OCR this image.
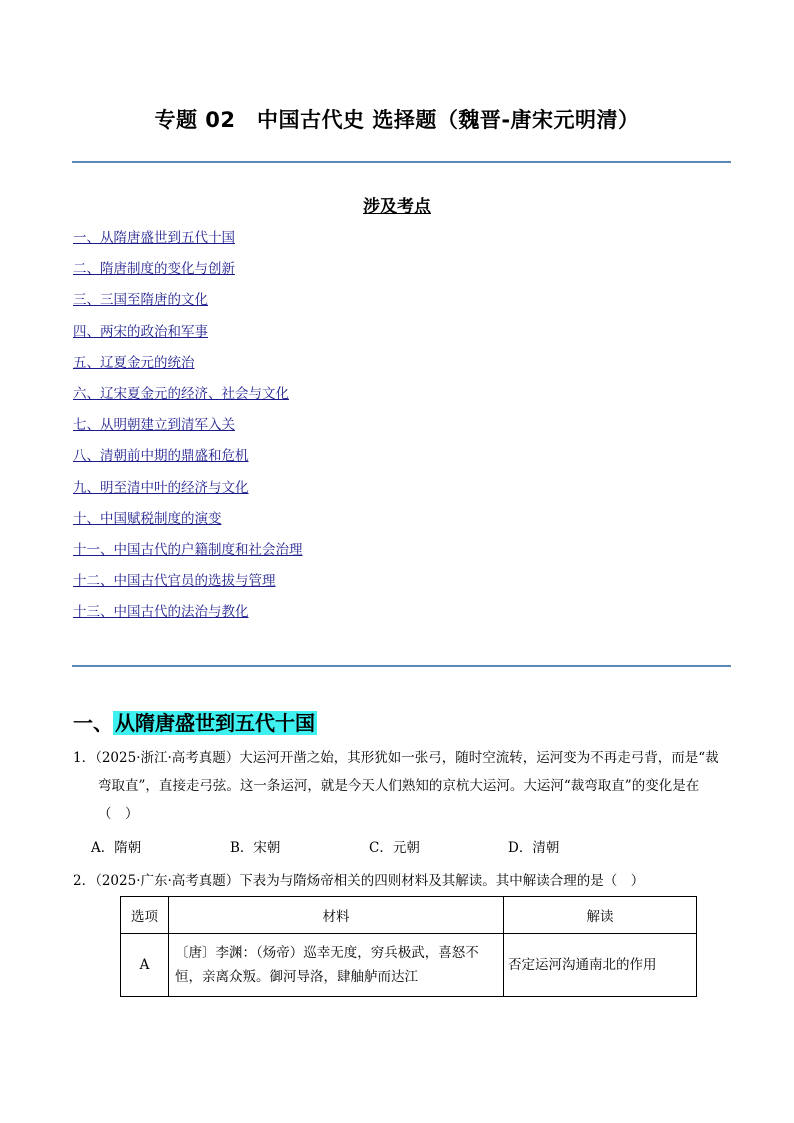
专题 02　中国古代史 选择题（魏晋-唐宋元明清）
涉及考点
一、从隋唐盛世到五代十国
二、隋唐制度的变化与创新
三、三国至隋唐的文化
四、两宋的政治和军事
五、辽夏金元的统治
六、辽宋夏金元的经济、社会与文化
七、从明朝建立到清军入关
八、清朝前中期的鼎盛和危机
九、明至清中叶的经济与文化
十、中国赋税制度的演变
十一、中国古代的户籍制度和社会治理
十二、中国古代官员的选拔与管理
十三、中国古代的法治与教化
一、 从隋唐盛世到五代十国
1．（2025·浙江·高考真题）大运河开凿之始，其形犹如一张弓，随时空流转，运河变为不再走弓背，而是“裁
弯取直”，直接走弓弦。这一条运河，就是今天人们熟知的京杭大运河。大运河“裁弯取直”的变化是在
（　）
A．隋朝	B．宋朝	C．元朝	D．清朝
2．（2025·广东·高考真题）下表为与隋炀帝相关的四则材料及其解读。其中解读合理的是（　）
选项	材料	解读
A	〔唐〕李渊：（炀帝）巡幸无度，穷兵极武，喜怒不恒，亲离众叛。御河导洛，肆舳舻而达江	否定运河沟通南北的作用
